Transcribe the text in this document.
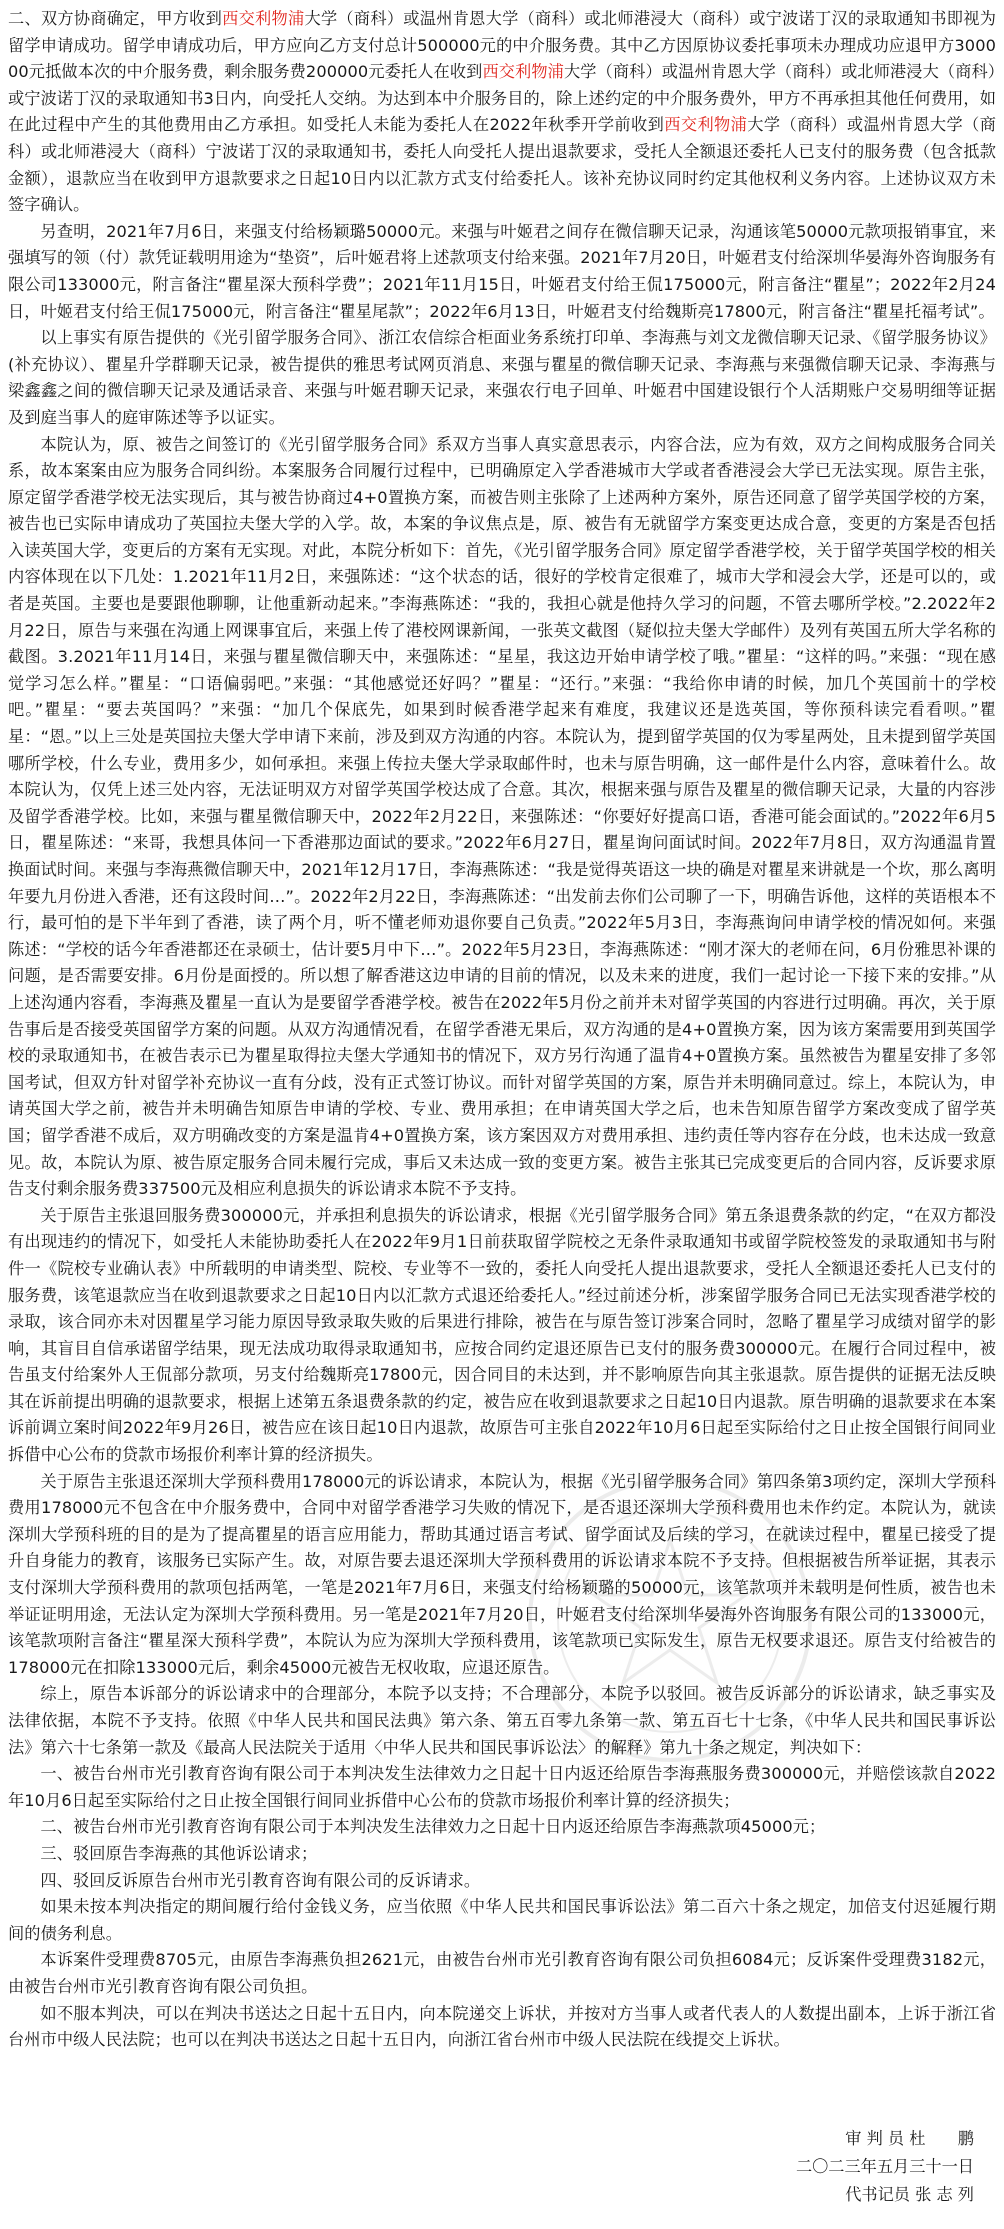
二、双方协商确定，甲方收到西交利物浦大学（商科）或温州肯恩大学（商科）或北师港浸大（商科）或宁波诺丁汉的录取通知书即视为留学申请成功。留学申请成功后，甲方应向乙方支付总计500000元的中介服务费。其中乙方因原协议委托事项未办理成功应退甲方300000元抵做本次的中介服务费，剩余服务费200000元委托人在收到西交利物浦大学（商科）或温州肯恩大学（商科）或北师港浸大（商科）或宁波诺丁汉的录取通知书3日内，向受托人交纳。为达到本中介服务目的，除上述约定的中介服务费外，甲方不再承担其他任何费用，如在此过程中产生的其他费用由乙方承担。如受托人未能为委托人在2022年秋季开学前收到西交利物浦大学（商科）或温州肯恩大学（商科）或北师港浸大（商科）宁波诺丁汉的录取通知书，委托人向受托人提出退款要求，受托人全额退还委托人已支付的服务费（包含抵款金额），退款应当在收到甲方退款要求之日起10日内以汇款方式支付给委托人。该补充协议同时约定其他权利义务内容。上述协议双方未签字确认。

另查明，2021年7月6日，来强支付给杨颖璐50000元。来强与叶姬君之间存在微信聊天记录，沟通该笔50000元款项报销事宜，来强填写的领（付）款凭证载明用途为“垫资”，后叶姬君将上述款项支付给来强。2021年7月20日，叶姬君支付给深圳华晏海外咨询服务有限公司133000元，附言备注“瞿星深大预科学费”；2021年11月15日，叶姬君支付给王侃175000元，附言备注“瞿星”；2022年2月24日，叶姬君支付给王侃175000元，附言备注“瞿星尾款”；2022年6月13日，叶姬君支付给魏斯亮17800元，附言备注“瞿星托福考试”。

以上事实有原告提供的《光引留学服务合同》、浙江农信综合柜面业务系统打印单、李海燕与刘文龙微信聊天记录、《留学服务协议》(补充协议）、瞿星升学群聊天记录，被告提供的雅思考试网页消息、来强与瞿星的微信聊天记录、李海燕与来强微信聊天记录、李海燕与梁鑫鑫之间的微信聊天记录及通话录音、来强与叶姬君聊天记录，来强农行电子回单、叶姬君中国建设银行个人活期账户交易明细等证据及到庭当事人的庭审陈述等予以证实。

本院认为，原、被告之间签订的《光引留学服务合同》系双方当事人真实意思表示，内容合法，应为有效，双方之间构成服务合同关系，故本案案由应为服务合同纠纷。本案服务合同履行过程中，已明确原定入学香港城市大学或者香港浸会大学已无法实现。原告主张，原定留学香港学校无法实现后，其与被告协商过4+0置换方案，而被告则主张除了上述两种方案外，原告还同意了留学英国学校的方案，被告也已实际申请成功了英国拉夫堡大学的入学。故，本案的争议焦点是，原、被告有无就留学方案变更达成合意，变更的方案是否包括入读英国大学，变更后的方案有无实现。对此，本院分析如下：首先，《光引留学服务合同》原定留学香港学校，关于留学英国学校的相关内容体现在以下几处：1.2021年11月2日，来强陈述：“这个状态的话，很好的学校肯定很难了，城市大学和浸会大学，还是可以的，或者是英国。主要也是要跟他聊聊，让他重新动起来。”李海燕陈述：“我的，我担心就是他持久学习的问题，不管去哪所学校。”2.2022年2月22日，原告与来强在沟通上网课事宜后，来强上传了港校网课新闻，一张英文截图（疑似拉夫堡大学邮件）及列有英国五所大学名称的截图。3.2021年11月14日，来强与瞿星微信聊天中，来强陈述：“星星，我这边开始申请学校了哦。”瞿星：“这样的吗。”来强：“现在感觉学习怎么样。”瞿星：“口语偏弱吧。”来强：“其他感觉还好吗？”瞿星：“还行。”来强：“我给你申请的时候，加几个英国前十的学校吧。”瞿星：“要去英国吗？”来强：“加几个保底先，如果到时候香港学起来有难度，我建议还是选英国，等你预科读完看看呗。”瞿星：“恩。”以上三处是英国拉夫堡大学申请下来前，涉及到双方沟通的内容。本院认为，提到留学英国的仅为零星两处，且未提到留学英国哪所学校，什么专业，费用多少，如何承担。来强上传拉夫堡大学录取邮件时，也未与原告明确，这一邮件是什么内容，意味着什么。故本院认为，仅凭上述三处内容，无法证明双方对留学英国学校达成了合意。其次，根据来强与原告及瞿星的微信聊天记录，大量的内容涉及留学香港学校。比如，来强与瞿星微信聊天中，2022年2月22日，来强陈述：“你要好好提高口语，香港可能会面试的。”2022年6月5日，瞿星陈述：“来哥，我想具体问一下香港那边面试的要求。”2022年6月27日，瞿星询问面试时间。2022年7月8日，双方沟通温肯置换面试时间。来强与李海燕微信聊天中，2021年12月17日，李海燕陈述：“我是觉得英语这一块的确是对瞿星来讲就是一个坎，那么离明年要九月份进入香港，还有这段时间…”。2022年2月22日，李海燕陈述：“出发前去你们公司聊了一下，明确告诉他，这样的英语根本不行，最可怕的是下半年到了香港，读了两个月，听不懂老师劝退你要自己负责。”2022年5月3日，李海燕询问申请学校的情况如何。来强陈述：“学校的话今年香港都还在录硕士，估计要5月中下…”。2022年5月23日，李海燕陈述：“刚才深大的老师在问，6月份雅思补课的问题，是否需要安排。6月份是面授的。所以想了解香港这边申请的目前的情况，以及未来的进度，我们一起讨论一下接下来的安排。”从上述沟通内容看，李海燕及瞿星一直认为是要留学香港学校。被告在2022年5月份之前并未对留学英国的内容进行过明确。再次，关于原告事后是否接受英国留学方案的问题。从双方沟通情况看，在留学香港无果后，双方沟通的是4+0置换方案，因为该方案需要用到英国学校的录取通知书，在被告表示已为瞿星取得拉夫堡大学通知书的情况下，双方另行沟通了温肯4+0置换方案。虽然被告为瞿星安排了多邻国考试，但双方针对留学补充协议一直有分歧，没有正式签订协议。而针对留学英国的方案，原告并未明确同意过。综上，本院认为，申请英国大学之前，被告并未明确告知原告申请的学校、专业、费用承担；在申请英国大学之后，也未告知原告留学方案改变成了留学英国；留学香港不成后，双方明确改变的方案是温肯4+0置换方案，该方案因双方对费用承担、违约责任等内容存在分歧，也未达成一致意见。故，本院认为原、被告原定服务合同未履行完成，事后又未达成一致的变更方案。被告主张其已完成变更后的合同内容，反诉要求原告支付剩余服务费337500元及相应利息损失的诉讼请求本院不予支持。

关于原告主张退回服务费300000元，并承担利息损失的诉讼请求，根据《光引留学服务合同》第五条退费条款的约定，“在双方都没有出现违约的情况下，如受托人未能协助委托人在2022年9月1日前获取留学院校之无条件录取通知书或留学院校签发的录取通知书与附件一《院校专业确认表》中所载明的申请类型、院校、专业等不一致的，委托人向受托人提出退款要求，受托人全额退还委托人已支付的服务费，该笔退款应当在收到退款要求之日起10日内以汇款方式退还给委托人。”经过前述分析，涉案留学服务合同已无法实现香港学校的录取，该合同亦未对因瞿星学习能力原因导致录取失败的后果进行排除，被告在与原告签订涉案合同时，忽略了瞿星学习成绩对留学的影响，其盲目自信承诺留学结果，现无法成功取得录取通知书，应按合同约定退还原告已支付的服务费300000元。在履行合同过程中，被告虽支付给案外人王侃部分款项，另支付给魏斯亮17800元，因合同目的未达到，并不影响原告向其主张退款。原告提供的证据无法反映其在诉前提出明确的退款要求，根据上述第五条退费条款的约定，被告应在收到退款要求之日起10日内退款。原告明确的退款要求在本案诉前调立案时间2022年9月26日，被告应在该日起10日内退款，故原告可主张自2022年10月6日起至实际给付之日止按全国银行间同业拆借中心公布的贷款市场报价利率计算的经济损失。

关于原告主张退还深圳大学预科费用178000元的诉讼请求，本院认为，根据《光引留学服务合同》第四条第3项约定，深圳大学预科费用178000元不包含在中介服务费中，合同中对留学香港学习失败的情况下，是否退还深圳大学预科费用也未作约定。本院认为，就读深圳大学预科班的目的是为了提高瞿星的语言应用能力，帮助其通过语言考试、留学面试及后续的学习，在就读过程中，瞿星已接受了提升自身能力的教育，该服务已实际产生。故，对原告要去退还深圳大学预科费用的诉讼请求本院不予支持。但根据被告所举证据，其表示支付深圳大学预科费用的款项包括两笔，一笔是2021年7月6日，来强支付给杨颖璐的50000元，该笔款项并未载明是何性质，被告也未举证证明用途，无法认定为深圳大学预科费用。另一笔是2021年7月20日，叶姬君支付给深圳华晏海外咨询服务有限公司的133000元，该笔款项附言备注“瞿星深大预科学费”，本院认为应为深圳大学预科费用，该笔款项已实际发生，原告无权要求退还。原告支付给被告的178000元在扣除133000元后，剩余45000元被告无权收取，应退还原告。

综上，原告本诉部分的诉讼请求中的合理部分，本院予以支持；不合理部分，本院予以驳回。被告反诉部分的诉讼请求，缺乏事实及法律依据，本院不予支持。依照《中华人民共和国民法典》第六条、第五百零九条第一款、第五百七十七条，《中华人民共和国民事诉讼法》第六十七条第一款及《最高人民法院关于适用〈中华人民共和国民事诉讼法〉的解释》第九十条之规定，判决如下：

一、被告台州市光引教育咨询有限公司于本判决发生法律效力之日起十日内返还给原告李海燕服务费300000元，并赔偿该款自2022年10月6日起至实际给付之日止按全国银行间同业拆借中心公布的贷款市场报价利率计算的经济损失；

二、被告台州市光引教育咨询有限公司于本判决发生法律效力之日起十日内返还给原告李海燕款项45000元；

三、驳回原告李海燕的其他诉讼请求；

四、驳回反诉原告台州市光引教育咨询有限公司的反诉请求。

如果未按本判决指定的期间履行给付金钱义务，应当依照《中华人民共和国民事诉讼法》第二百六十条之规定，加倍支付迟延履行期间的债务利息。

本诉案件受理费8705元，由原告李海燕负担2621元，由被告台州市光引教育咨询有限公司负担6084元；反诉案件受理费3182元，由被告台州市光引教育咨询有限公司负担。

如不服本判决，可以在判决书送达之日起十五日内，向本院递交上诉状，并按对方当事人或者代表人的人数提出副本，上诉于浙江省台州市中级人民法院；也可以在判决书送达之日起十五日内，向浙江省台州市中级人民法院在线提交上诉状。

审 判 员 杜　　鹏
二〇二三年五月三十一日
代书记员 张 志 列
